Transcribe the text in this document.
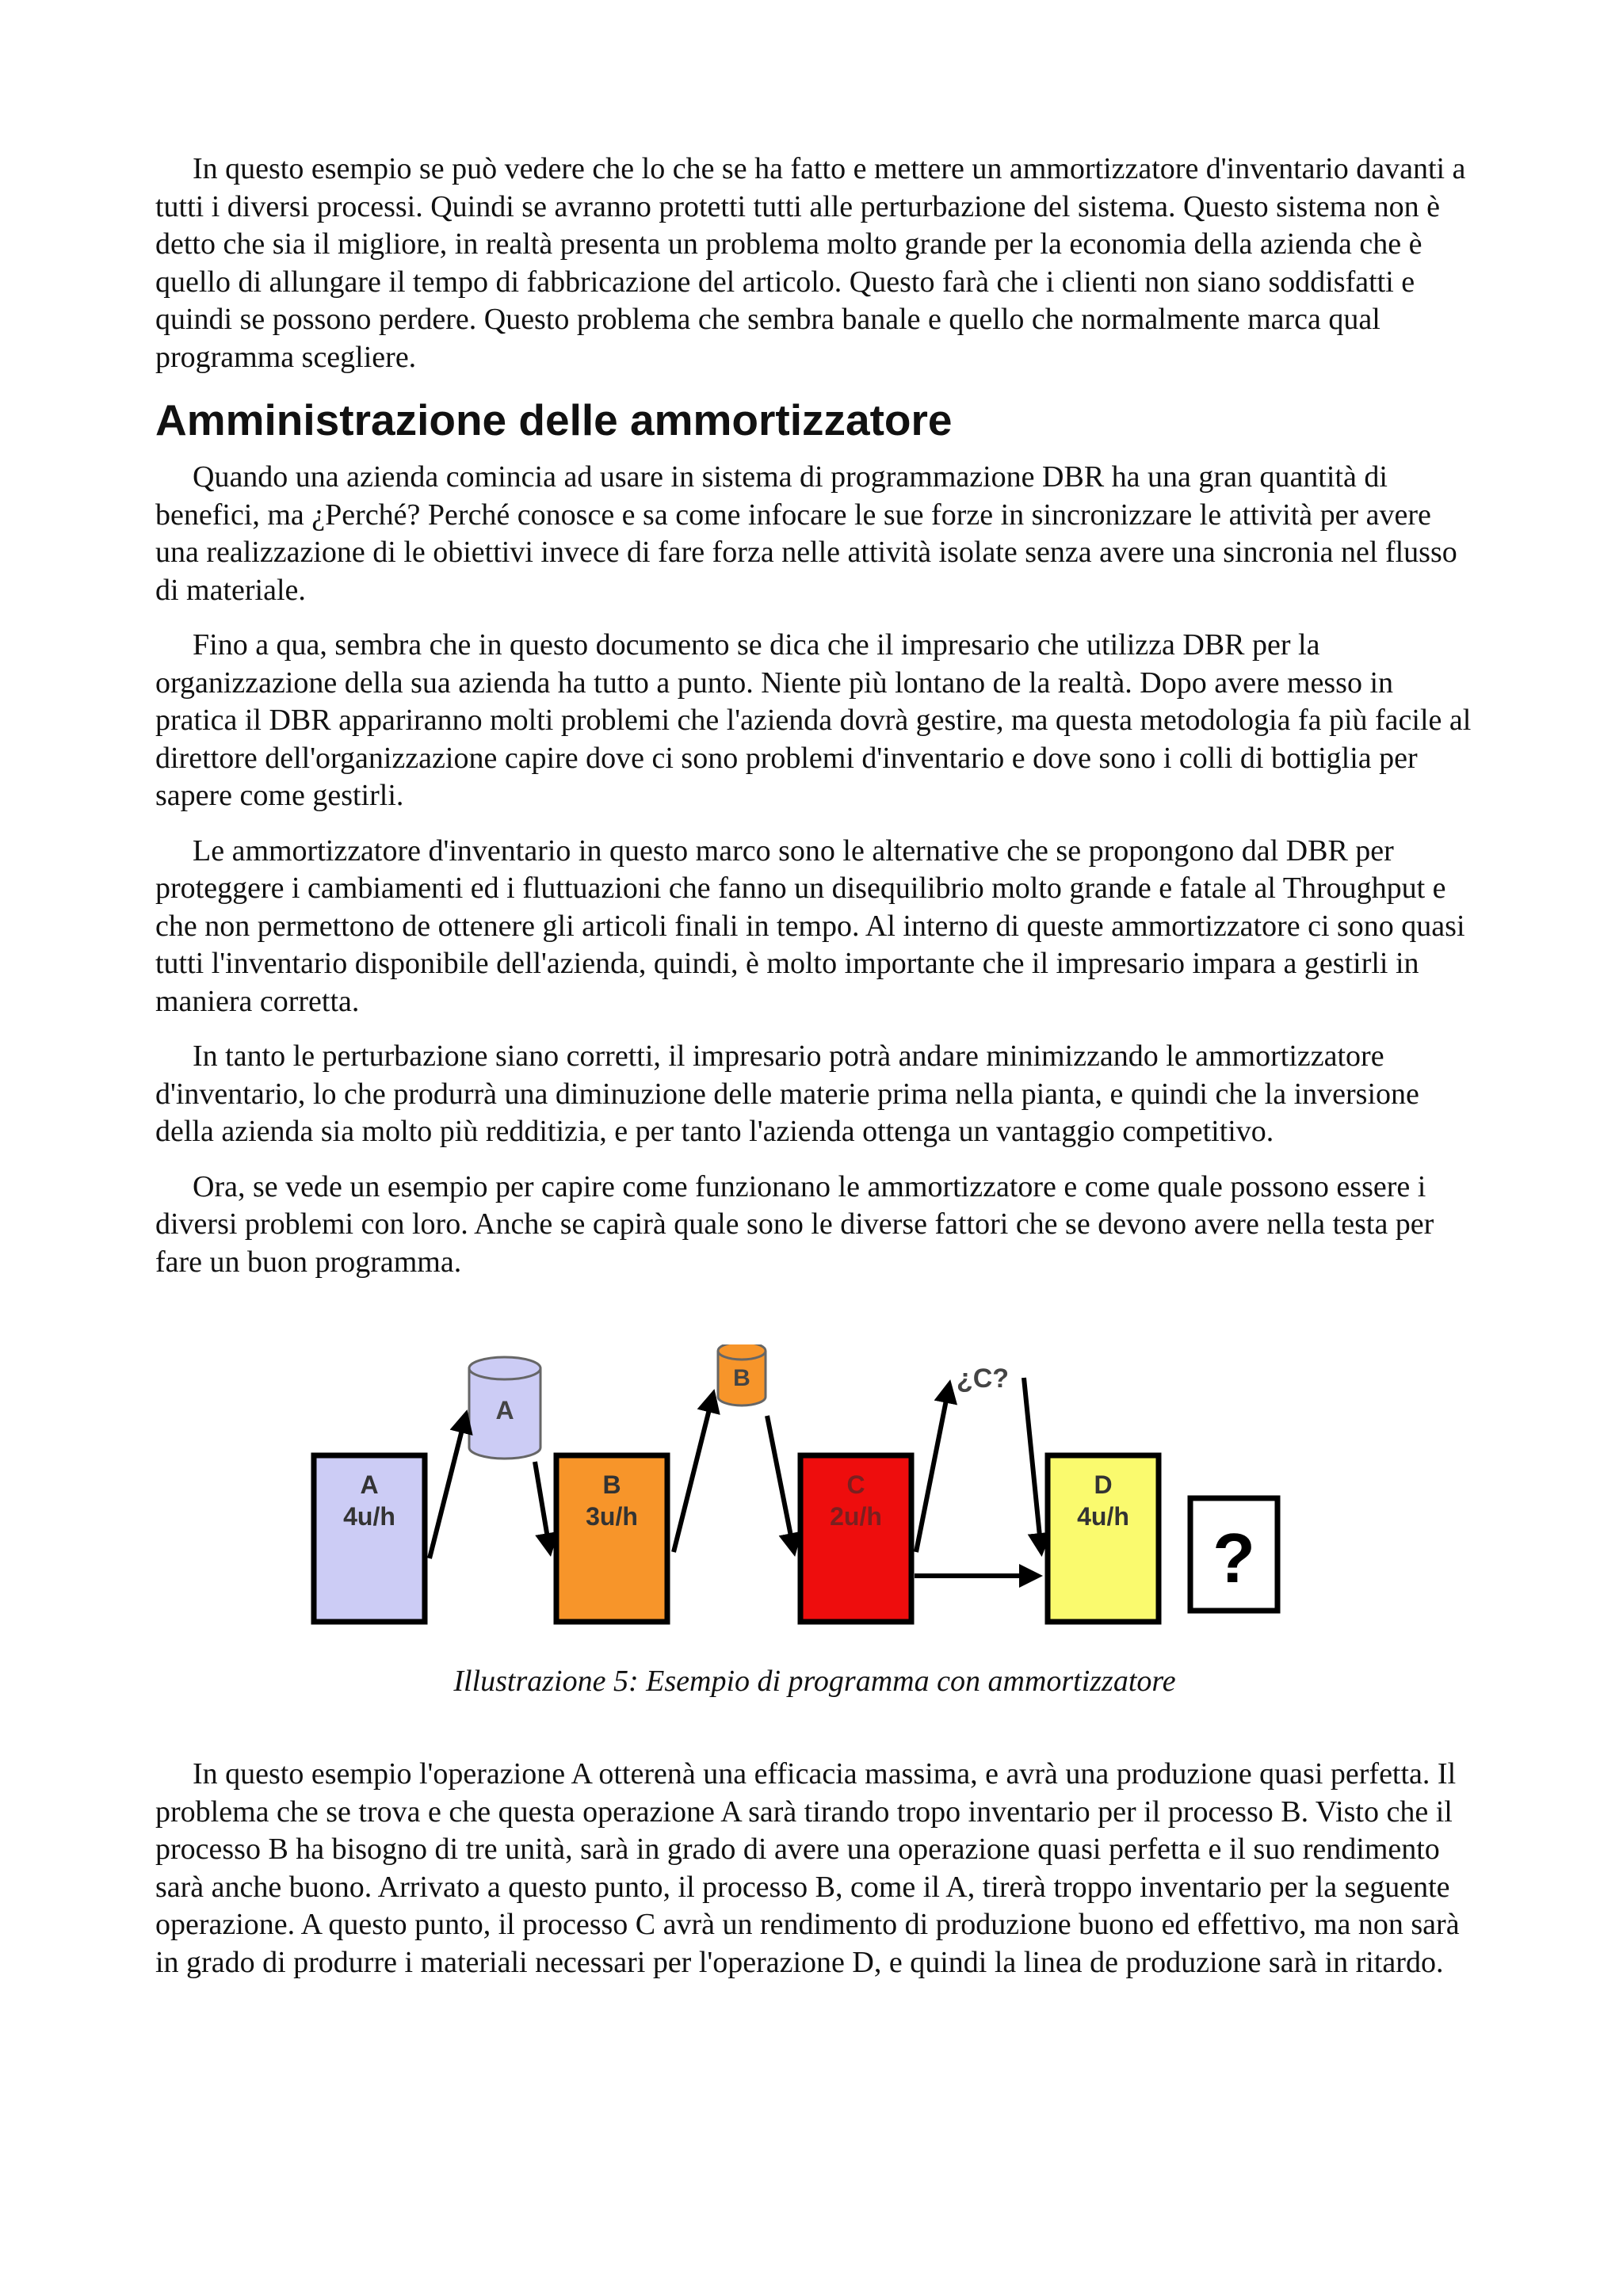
In questo esempio se può vedere che lo che se ha fatto e mettere un ammortizzatore d'inventario davanti a tutti i diversi processi. Quindi se avranno protetti tutti alle perturbazione del sistema. Questo sistema non è detto che sia il migliore, in realtà presenta un problema molto grande per la economia della azienda che è quello di allungare il tempo di fabbricazione del articolo. Questo farà che i clienti non siano soddisfatti e quindi se possono perdere. Questo problema che sembra banale e quello che normalmente marca qual programma scegliere.

Amministrazione delle ammortizzatore

Quando una azienda comincia ad usare in sistema di programmazione DBR ha una gran quantità di benefici, ma ¿Perché? Perché conosce e sa come infocare le sue forze in sincronizzare le attività per avere una realizzazione di le obiettivi invece di fare forza nelle attività isolate senza avere una sincronia nel flusso di materiale.

Fino a qua, sembra che in questo documento se dica che il impresario che utilizza DBR per la organizzazione della sua azienda ha tutto a punto. Niente più lontano de la realtà. Dopo avere messo in pratica il DBR appariranno molti problemi che l'azienda dovrà gestire, ma questa metodologia fa più facile al direttore dell'organizzazione capire dove ci sono problemi d'inventario e dove sono i colli di bottiglia per sapere come gestirli.

Le ammortizzatore d'inventario in questo marco sono le alternative che se propongono dal DBR per proteggere i cambiamenti ed i fluttuazioni che fanno un disequilibrio molto grande e fatale al Throughput e che non permettono de ottenere gli articoli finali in tempo. Al interno di queste ammortizzatore ci sono quasi tutti l'inventario disponibile dell'azienda, quindi, è molto importante che il impresario impara a gestirli in maniera corretta.

In tanto le perturbazione siano corretti, il impresario potrà andare minimizzando le ammortizzatore d'inventario, lo che produrrà una diminuzione delle materie prima nella pianta, e quindi che la inversione della azienda sia molto più redditizia, e per tanto l'azienda ottenga un vantaggio competitivo.

Ora, se vede un esempio per capire come funzionano le ammortizzatore e come quale possono essere i diversi problemi con loro. Anche se capirà quale sono le diverse fattori che se devono avere nella testa per fare un buon programma.

A
4u/h
A
B
3u/h
B
C
2u/h
¿C?
D
4u/h
?
Illustrazione 5: Esempio di programma con ammortizzatore

In questo esempio l'operazione A otterenà una efficacia massima, e avrà una produzione quasi perfetta. Il problema che se trova e che questa operazione A sarà tirando tropo inventario per il processo B. Visto che il processo B ha bisogno di tre unità, sarà in grado di avere una operazione quasi perfetta e il suo rendimento sarà anche buono. Arrivato a questo punto, il processo B, come il A, tirerà troppo inventario per la seguente operazione. A questo punto, il processo C avrà un rendimento di produzione buono ed effettivo, ma non sarà in grado di produrre i materiali necessari per l'operazione D, e quindi la linea de produzione sarà in ritardo.
